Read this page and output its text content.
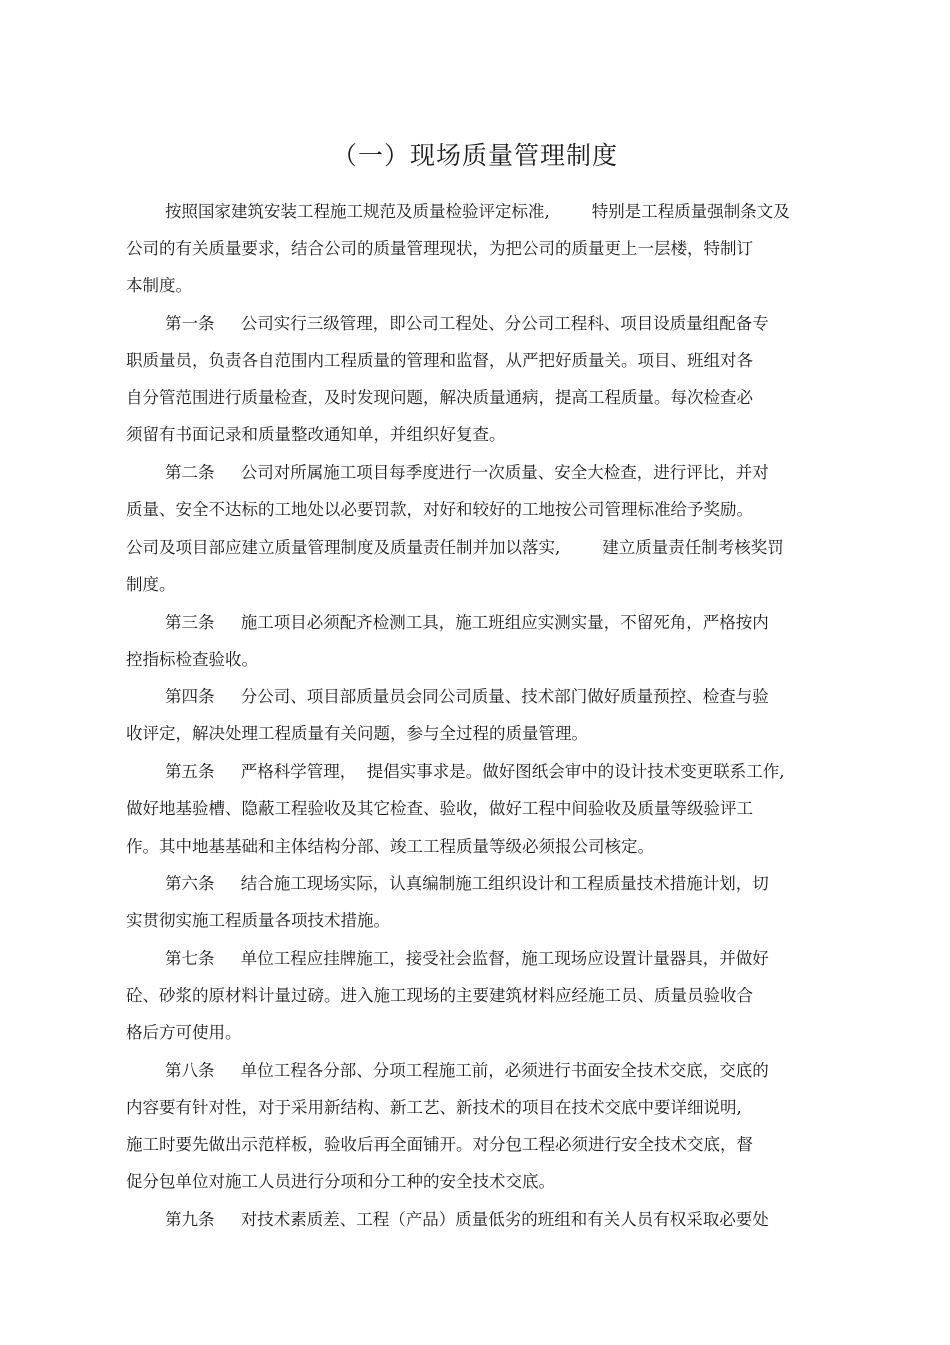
（一）现场质量管理制度
按照国家建筑安装工程施工规范及质量检验评定标准,        特别是工程质量强制条文及
公司的有关质量要求，结合公司的质量管理现状，为把公司的质量更上一层楼，特制订
本制度。
第一条     公司实行三级管理，即公司工程处、分公司工程科、项目设质量组配备专
职质量员，负责各自范围内工程质量的管理和监督，从严把好质量关。项目、班组对各
自分管范围进行质量检查，及时发现问题，解决质量通病，提高工程质量。每次检查必
须留有书面记录和质量整改通知单，并组织好复查。
第二条     公司对所属施工项目每季度进行一次质量、安全大检查，进行评比，并对
质量、安全不达标的工地处以必要罚款，对好和较好的工地按公司管理标准给予奖励。
公司及项目部应建立质量管理制度及质量责任制并加以落实,        建立质量责任制考核奖罚
制度。
第三条     施工项目必须配齐检测工具，施工班组应实测实量，不留死角，严格按内
控指标检查验收。
第四条     分公司、项目部质量员会同公司质量、技术部门做好质量预控、检查与验
收评定，解决处理工程质量有关问题，参与全过程的质量管理。
第五条     严格科学管理，  提倡实事求是。做好图纸会审中的设计技术变更联系工作,
做好地基验槽、隐蔽工程验收及其它检查、验收，做好工程中间验收及质量等级验评工
作。其中地基基础和主体结构分部、竣工工程质量等级必须报公司核定。
第六条     结合施工现场实际，认真编制施工组织设计和工程质量技术措施计划，切
实贯彻实施工程质量各项技术措施。
第七条     单位工程应挂牌施工，接受社会监督，施工现场应设置计量器具，并做好
砼、砂浆的原材料计量过磅。进入施工现场的主要建筑材料应经施工员、质量员验收合
格后方可使用。
第八条     单位工程各分部、分项工程施工前，必须进行书面安全技术交底，交底的
内容要有针对性，对于采用新结构、新工艺、新技术的项目在技术交底中要详细说明,
施工时要先做出示范样板，验收后再全面铺开。对分包工程必须进行安全技术交底，督
促分包单位对施工人员进行分项和分工种的安全技术交底。
第九条     对技术素质差、工程（产品）质量低劣的班组和有关人员有权采取必要处
